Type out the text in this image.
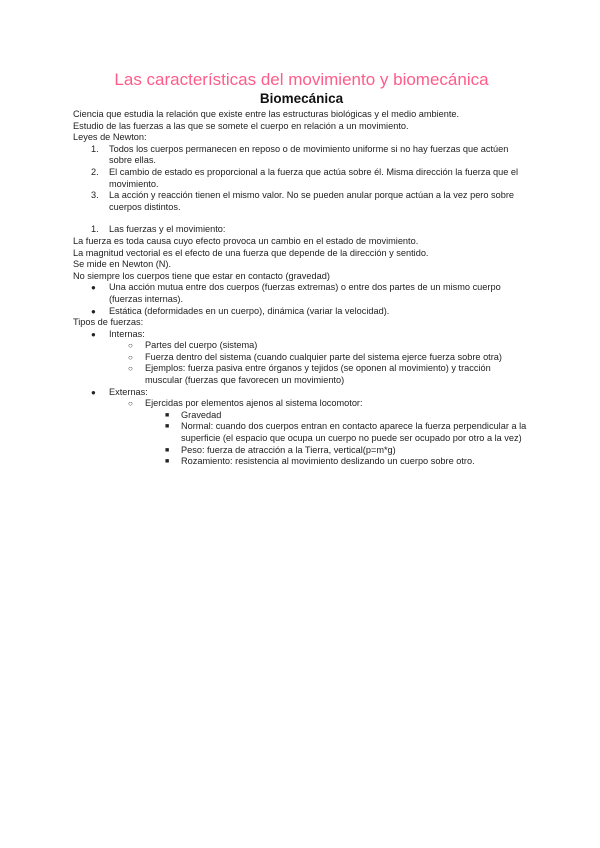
Las características del movimiento y biomecánica
Biomecánica

Ciencia que estudia la relación que existe entre las estructuras biológicas y el medio ambiente.

Estudio de las fuerzas a las que se somete el cuerpo en relación a un movimiento.

Leyes de Newton:

1. Todos los cuerpos permanecen en reposo o de movimiento uniforme si no hay fuerzas que actúen sobre ellas.
2. El cambio de estado es proporcional a la fuerza que actúa sobre él. Misma dirección la fuerza que el movimiento.
3. La acción y reacción tienen el mismo valor. No se pueden anular porque actúan a la vez pero sobre cuerpos distintos.
1. Las fuerzas y el movimiento:

La fuerza es toda causa cuyo efecto provoca un cambio en el estado de movimiento.

La magnitud vectorial es el efecto de una fuerza que depende de la dirección y sentido.

Se mide en Newton (N).

No siempre los cuerpos tiene que estar en contacto (gravedad)

● Una acción mutua entre dos cuerpos (fuerzas extremas) o entre dos partes de un mismo cuerpo (fuerzas internas).
● Estática (deformidades en un cuerpo), dinámica (variar la velocidad).

Tipos de fuerzas:

● Internas:
○ Partes del cuerpo (sistema)
○ Fuerza dentro del sistema (cuando cualquier parte del sistema ejerce fuerza sobre otra)
○ Ejemplos: fuerza pasiva entre órganos y tejidos (se oponen al movimiento) y tracción muscular (fuerzas que favorecen un movimiento)
● Externas:
○ Ejercidas por elementos ajenos al sistema locomotor:
■ Gravedad
■ Normal: cuando dos cuerpos entran en contacto aparece la fuerza perpendicular a la superficie (el espacio que ocupa un cuerpo no puede ser ocupado por otro a la vez)
■ Peso: fuerza de atracción a la Tierra, vertical(p=m*g)
■ Rozamiento: resistencia al movimiento deslizando un cuerpo sobre otro.
